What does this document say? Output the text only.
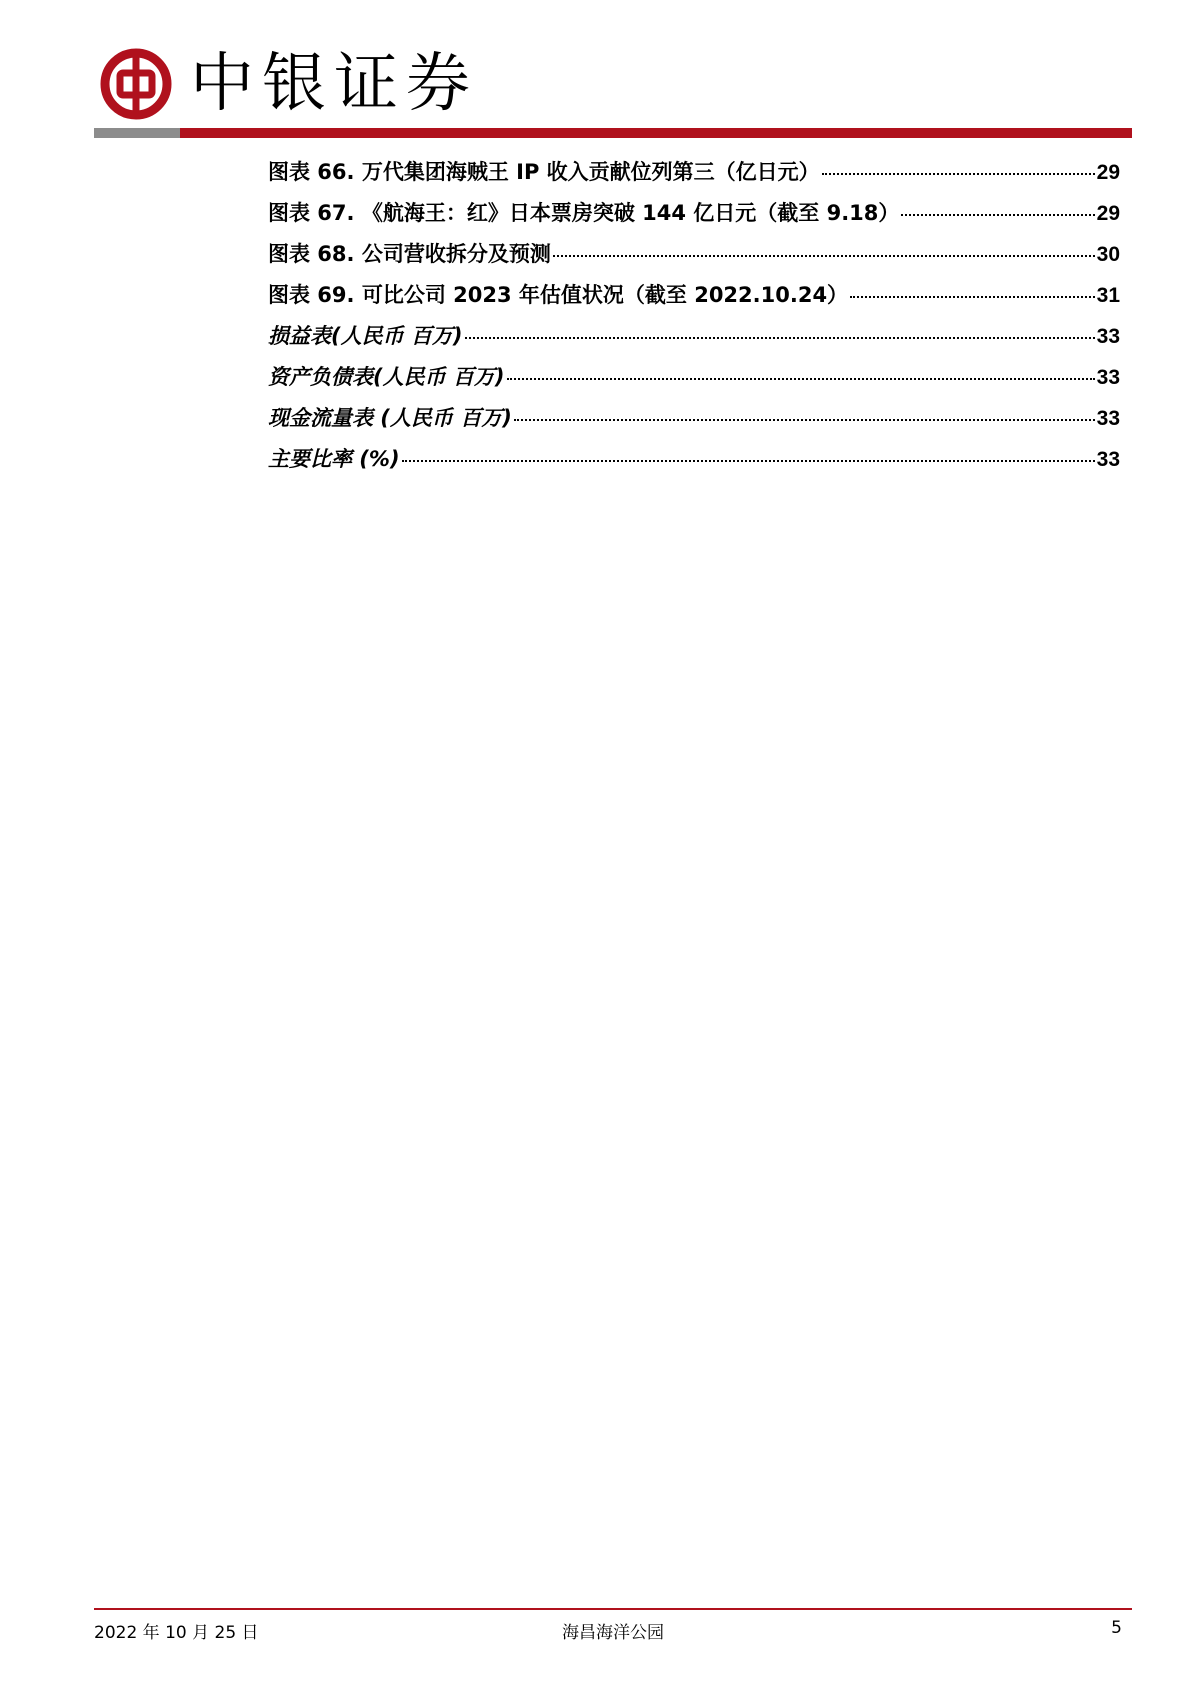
中银证券
图表 66. 万代集团海贼王 IP 收入贡献位列第三（亿日元）	29
图表 67. 《航海王：红》日本票房突破 144 亿日元（截至 9.18）	29
图表 68. 公司营收拆分及预测	30
图表 69. 可比公司 2023 年估值状况（截至 2022.10.24）	31
损益表(人民币 百万)	33
资产负债表(人民币 百万)	33
现金流量表 (人民币 百万)	33
主要比率 (%)	33
2022 年 10 月 25 日	海昌海洋公园	5
